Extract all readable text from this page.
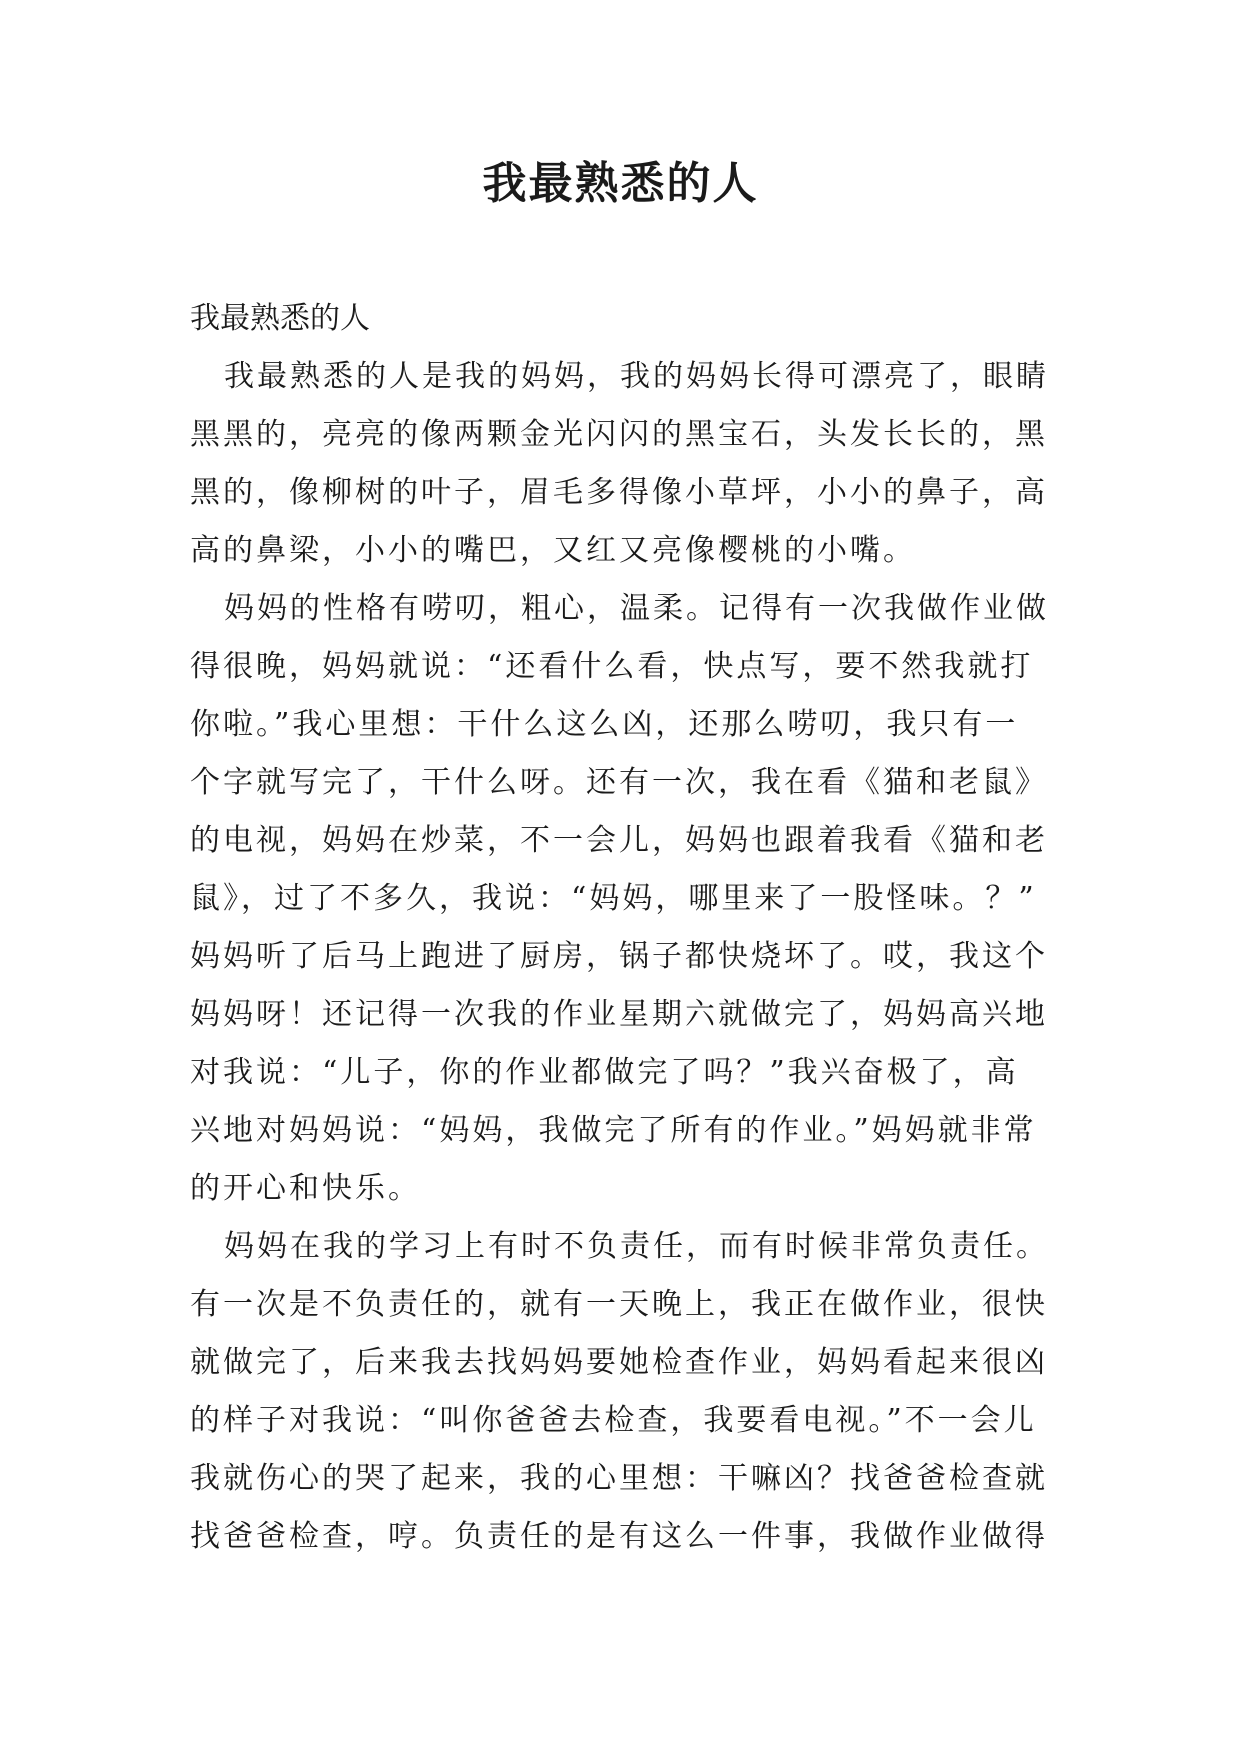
我最熟悉的人

我最熟悉的人

我最熟悉的人是我的妈妈，我的妈妈长得可漂亮了，眼睛
黑黑的，亮亮的像两颗金光闪闪的黑宝石，头发长长的，黑
黑的，像柳树的叶子，眉毛多得像小草坪，小小的鼻子，高
高的鼻梁，小小的嘴巴，又红又亮像樱桃的小嘴。

妈妈的性格有唠叨，粗心，温柔。记得有一次我做作业做
得很晚，妈妈就说：“还看什么看，快点写，要不然我就打
你啦。”我心里想：干什么这么凶，还那么唠叨，我只有一
个字就写完了，干什么呀。还有一次，我在看《猫和老鼠》
的电视，妈妈在炒菜，不一会儿，妈妈也跟着我看《猫和老
鼠》，过了不多久，我说：“妈妈，哪里来了一股怪味。？”
妈妈听了后马上跑进了厨房，锅子都快烧坏了。哎，我这个
妈妈呀！还记得一次我的作业星期六就做完了，妈妈高兴地
对我说：“儿子，你的作业都做完了吗？”我兴奋极了，高
兴地对妈妈说：“妈妈，我做完了所有的作业。”妈妈就非常
的开心和快乐。

妈妈在我的学习上有时不负责任，而有时候非常负责任。
有一次是不负责任的，就有一天晚上，我正在做作业，很快
就做完了，后来我去找妈妈要她检查作业，妈妈看起来很凶
的样子对我说：“叫你爸爸去检查，我要看电视。”不一会儿
我就伤心的哭了起来，我的心里想：干嘛凶？找爸爸检查就
找爸爸检查，哼。负责任的是有这么一件事，我做作业做得
